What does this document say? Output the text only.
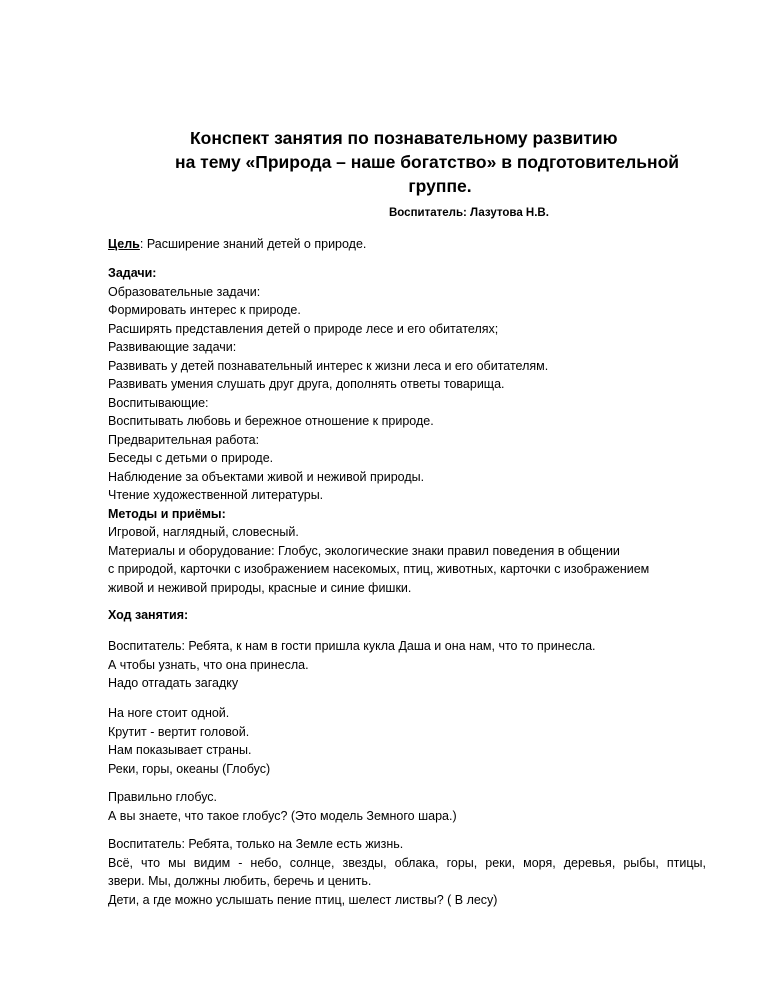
Конспект занятия по познавательному развитию
на тему «Природа – наше богатство» в подготовительной
группе.
Воспитатель: Лазутова Н.В.
Цель: Расширение знаний детей о природе.
Задачи:
Образовательные задачи:
Формировать интерес к природе.
Расширять представления детей о природе лесе и его обитателях;
Развивающие задачи:
Развивать у детей познавательный интерес к жизни леса и его обитателям.
Развивать умения слушать друг друга, дополнять ответы товарища.
Воспитывающие:
Воспитывать любовь и бережное отношение к природе.
Предварительная работа:
Беседы с детьми о природе.
Наблюдение за объектами живой и неживой природы.
Чтение художественной литературы.
Методы и приёмы:
Игровой, наглядный, словесный.
Материалы и оборудование: Глобус, экологические знаки правил поведения в общении
с природой, карточки с изображением насекомых, птиц, животных, карточки с изображением
живой и неживой природы, красные и синие фишки.
Ход занятия:
Воспитатель: Ребята, к нам в гости пришла кукла Даша и она нам, что то принесла.
А чтобы узнать, что она принесла.
Надо отгадать загадку
На ноге стоит одной.
Крутит - вертит головой.
Нам показывает страны.
Реки, горы, океаны (Глобус)
Правильно глобус.
А вы знаете, что такое глобус? (Это модель Земного шара.)
Воспитатель: Ребята, только на Земле есть жизнь.
Всё, что мы видим - небо, солнце, звезды, облака, горы, реки, моря, деревья, рыбы, птицы,
звери. Мы, должны любить, беречь и ценить.
Дети, а где можно услышать пение птиц, шелест листвы? ( В лесу)
